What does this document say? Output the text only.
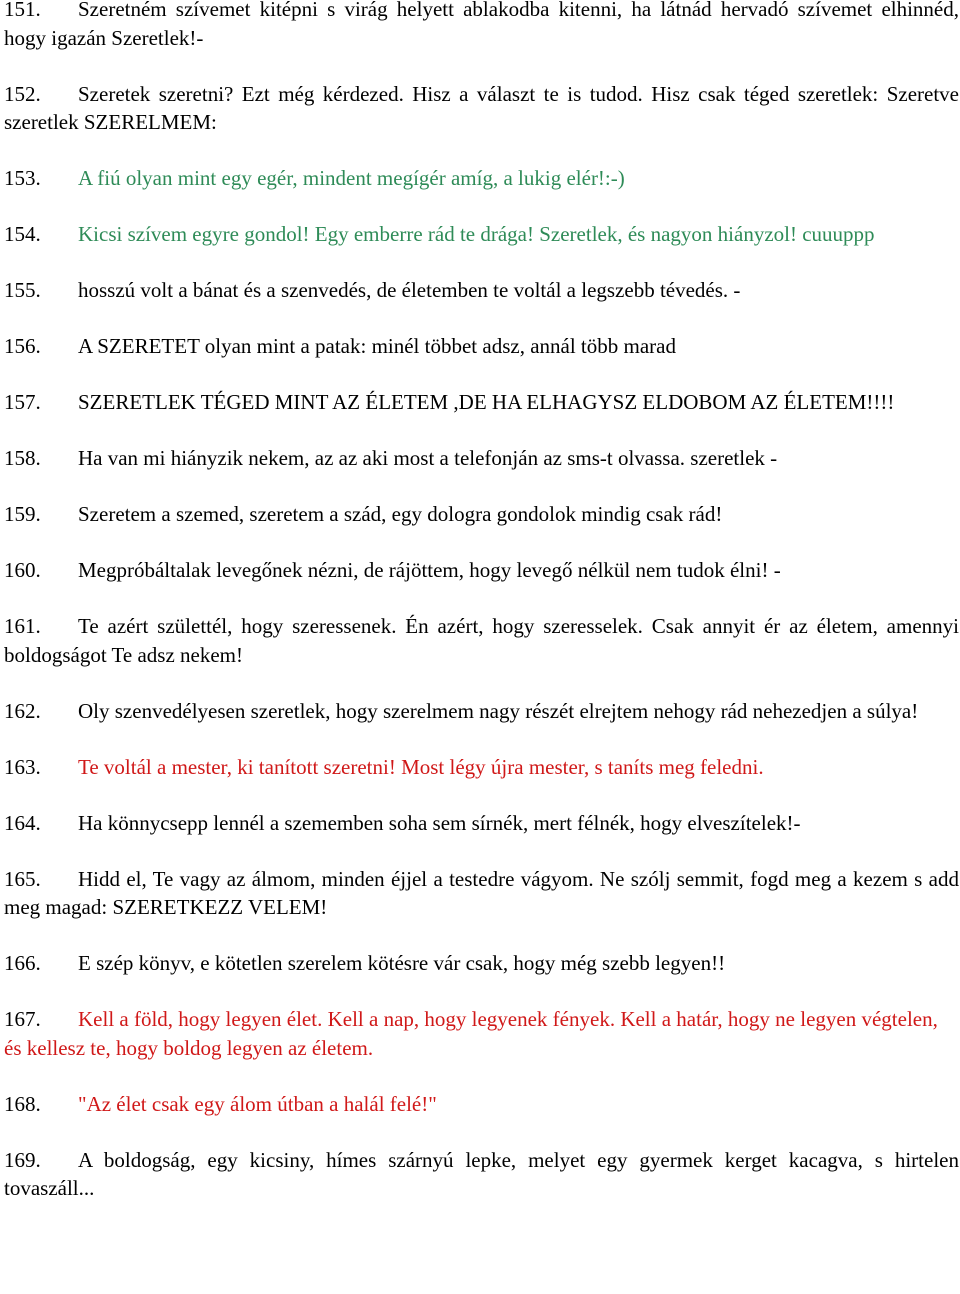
151. Szeretném szívemet kitépni s virág helyett ablakodba kitenni, ha látnád hervadó szívemet elhinnéd, hogy igazán Szeretlek!-
152. Szeretek szeretni? Ezt még kérdezed. Hisz a választ te is tudod. Hisz csak téged szeretlek: Szeretve szeretlek SZERELMEM:
153. A fiú olyan mint egy egér, mindent megígér amíg, a lukig elér!:-)
154. Kicsi szívem egyre gondol! Egy emberre rád te drága! Szeretlek, és nagyon hiányzol! cuuuppp
155. hosszú volt a bánat és a szenvedés, de életemben te voltál a legszebb tévedés. -
156. A SZERETET olyan mint a patak: minél többet adsz, annál több marad
157. SZERETLEK TÉGED MINT AZ ÉLETEM ,DE HA ELHAGYSZ ELDOBOM AZ ÉLETEM!!!!
158. Ha van mi hiányzik nekem, az az aki most a telefonján az sms-t olvassa. szeretlek -
159. Szeretem a szemed, szeretem a szád, egy dologra gondolok mindig csak rád!
160. Megpróbáltalak levegőnek nézni, de rájöttem, hogy levegő nélkül nem tudok élni! -
161. Te azért születtél, hogy szeressenek. Én azért, hogy szeresselek. Csak annyit ér az életem, amennyi boldogságot Te adsz nekem!
162. Oly szenvedélyesen szeretlek, hogy szerelmem nagy részét elrejtem nehogy rád nehezedjen a súlya!
163. Te voltál a mester, ki tanított szeretni! Most légy újra mester, s taníts meg feledni.
164. Ha könnycsepp lennél a szememben soha sem sírnék, mert félnék, hogy elveszítelek!-
165. Hidd el, Te vagy az álmom, minden éjjel a testedre vágyom. Ne szólj semmit, fogd meg a kezem s add meg magad: SZERETKEZZ VELEM!
166. E szép könyv, e kötetlen szerelem kötésre vár csak, hogy még szebb legyen!!
167. Kell a föld, hogy legyen élet. Kell a nap, hogy legyenek fények. Kell a határ, hogy ne legyen végtelen, és kellesz te, hogy boldog legyen az életem.
168. "Az élet csak egy álom útban a halál felé!"
169. A boldogság, egy kicsiny, hímes szárnyú lepke, melyet egy gyermek kerget kacagva, s hirtelen tovaszáll...
